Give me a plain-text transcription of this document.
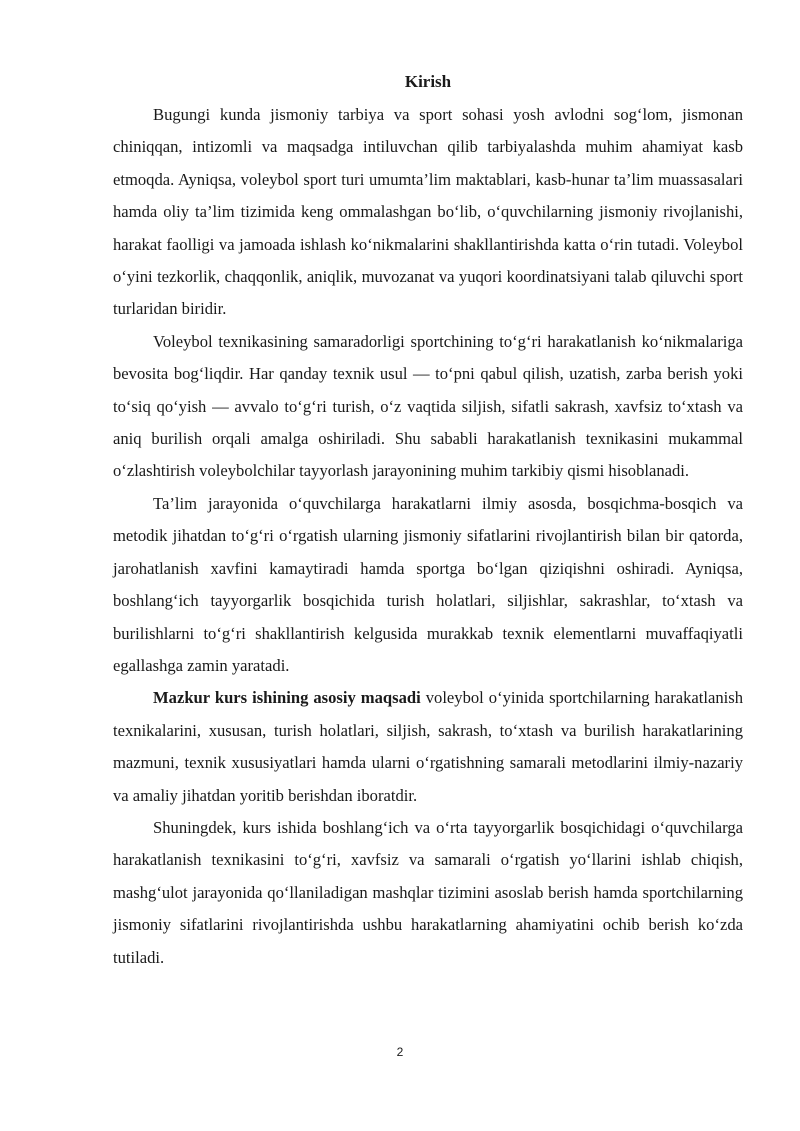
Kirish

Bugungi kunda jismoniy tarbiya va sport sohasi yosh avlodni sog‘lom, jismonan chiniqqan, intizomli va maqsadga intiluvchan qilib tarbiyalashda muhim ahamiyat kasb etmoqda. Ayniqsa, voleybol sport turi umumta’lim maktablari, kasb-hunar ta’lim muassasalari hamda oliy ta’lim tizimida keng ommalashgan bo‘lib, o‘quvchilarning jismoniy rivojlanishi, harakat faolligi va jamoada ishlash ko‘nikmalarini shakllantirishda katta o‘rin tutadi. Voleybol o‘yini tezkorlik, chaqqonlik, aniqlik, muvozanat va yuqori koordinatsiyani talab qiluvchi sport turlaridan biridir.

Voleybol texnikasining samaradorligi sportchining to‘g‘ri harakatlanish ko‘nikmalariga bevosita bog‘liqdir. Har qanday texnik usul — to‘pni qabul qilish, uzatish, zarba berish yoki to‘siq qo‘yish — avvalo to‘g‘ri turish, o‘z vaqtida siljish, sifatli sakrash, xavfsiz to‘xtash va aniq burilish orqali amalga oshiriladi. Shu sababli harakatlanish texnikasini mukammal o‘zlashtirish voleybolchilar tayyorlash jarayonining muhim tarkibiy qismi hisoblanadi.

Ta’lim jarayonida o‘quvchilarga harakatlarni ilmiy asosda, bosqichma-bosqich va metodik jihatdan to‘g‘ri o‘rgatish ularning jismoniy sifatlarini rivojlantirish bilan bir qatorda, jarohatlanish xavfini kamaytiradi hamda sportga bo‘lgan qiziqishni oshiradi. Ayniqsa, boshlang‘ich tayyorgarlik bosqichida turish holatlari, siljishlar, sakrashlar, to‘xtash va burilishlarni to‘g‘ri shakllantirish kelgusida murakkab texnik elementlarni muvaffaqiyatli egallashga zamin yaratadi.

Mazkur kurs ishining asosiy maqsadi voleybol o‘yinida sportchilarning harakatlanish texnikalarini, xususan, turish holatlari, siljish, sakrash, to‘xtash va burilish harakatlarining mazmuni, texnik xususiyatlari hamda ularni o‘rgatishning samarali metodlarini ilmiy-nazariy va amaliy jihatdan yoritib berishdan iboratdir.

Shuningdek, kurs ishida boshlang‘ich va o‘rta tayyorgarlik bosqichidagi o‘quvchilarga harakatlanish texnikasini to‘g‘ri, xavfsiz va samarali o‘rgatish yo‘llarini ishlab chiqish, mashg‘ulot jarayonida qo‘llaniladigan mashqlar tizimini asoslab berish hamda sportchilarning jismoniy sifatlarini rivojlantirishda ushbu harakatlarning ahamiyatini ochib berish ko‘zda tutiladi.

2
